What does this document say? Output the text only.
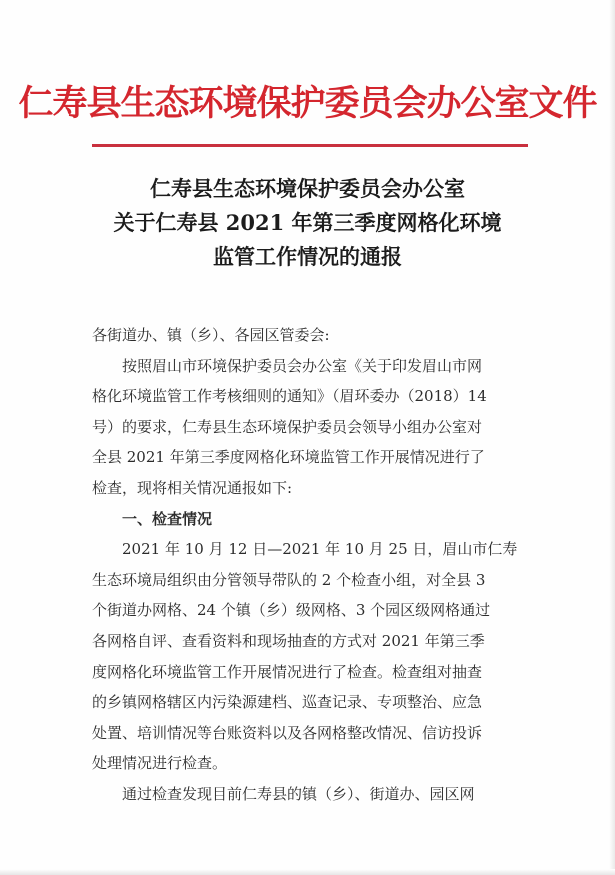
仁寿县生态环境保护委员会办公室文件
仁寿县生态环境保护委员会办公室
关于仁寿县 2021 年第三季度网格化环境
监管工作情况的通报
各街道办、镇（乡）、各园区管委会:
按照眉山市环境保护委员会办公室《关于印发眉山市网
格化环境监管工作考核细则的通知》（眉环委办（2018）14
号）的要求，仁寿县生态环境保护委员会领导小组办公室对
全县 2021 年第三季度网格化环境监管工作开展情况进行了
检查，现将相关情况通报如下:
一、检查情况
2021 年 10 月 12 日—2021 年 10 月 25 日，眉山市仁寿
生态环境局组织由分管领导带队的 2 个检查小组，对全县 3
个街道办网格、24 个镇（乡）级网格、3 个园区级网格通过
各网格自评、查看资料和现场抽查的方式对 2021 年第三季
度网格化环境监管工作开展情况进行了检查。检查组对抽查
的乡镇网格辖区内污染源建档、巡查记录、专项整治、应急
处置、培训情况等台账资料以及各网格整改情况、信访投诉
处理情况进行检查。
通过检查发现目前仁寿县的镇（乡）、街道办、园区网
